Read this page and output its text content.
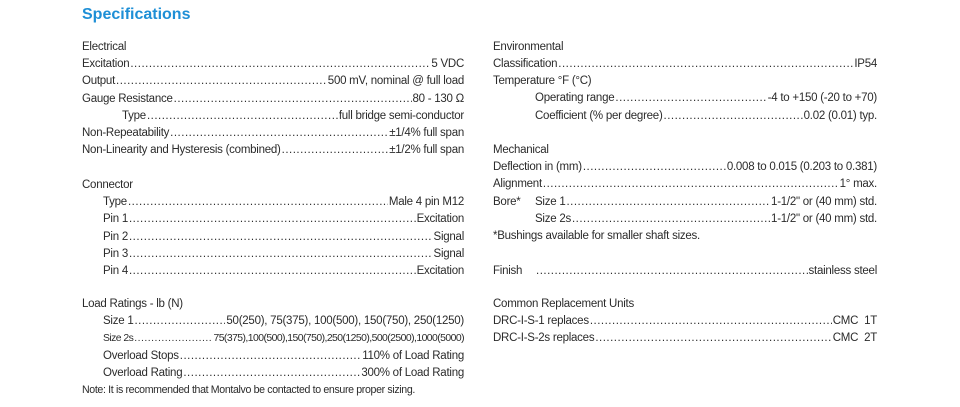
Specifications
Electrical
Excitation .....	5 VDC
Output .....	500 mV, nominal @ full load
Gauge Resistance .....	80 - 130 Ω
Type .....	full bridge semi-conductor
Non-Repeatability .....	±1/4% full span
Non-Linearity and Hysteresis (combined) .....	±1/2% full span
Connector
Type .....	Male 4 pin M12
Pin 1 .....	Excitation
Pin 2 .....	Signal
Pin 3 .....	Signal
Pin 4 .....	Excitation
Load Ratings - lb (N)
Size 1 .....	50(250), 75(375), 100(500), 150(750), 250(1250)
Size 2s .....	75(375),100(500),150(750),250(1250),500(2500),1000(5000)
Overload Stops .....	110% of Load Rating
Overload Rating .....	300% of Load Rating
Note: It is recommended that Montalvo be contacted to ensure proper sizing.
Environmental
Classification .....	IP54
Temperature °F (°C)
Operating range .....	-4 to +150 (-20 to +70)
Coefficient (% per degree) .....	0.02 (0.01) typ.
Mechanical
Deflection in (mm) .....	0.008 to 0.015 (0.203 to 0.381)
Alignment .....	1° max.
Bore*	Size 1 .....	1-1/2" or (40 mm) std.
Size 2s .....	1-1/2" or (40 mm) std.
*Bushings available for smaller shaft sizes.
Finish .....	stainless steel
Common Replacement Units
DRC-I-S-1 replaces .....	CMC  1T
DRC-I-S-2s replaces .....	CMC  2T
